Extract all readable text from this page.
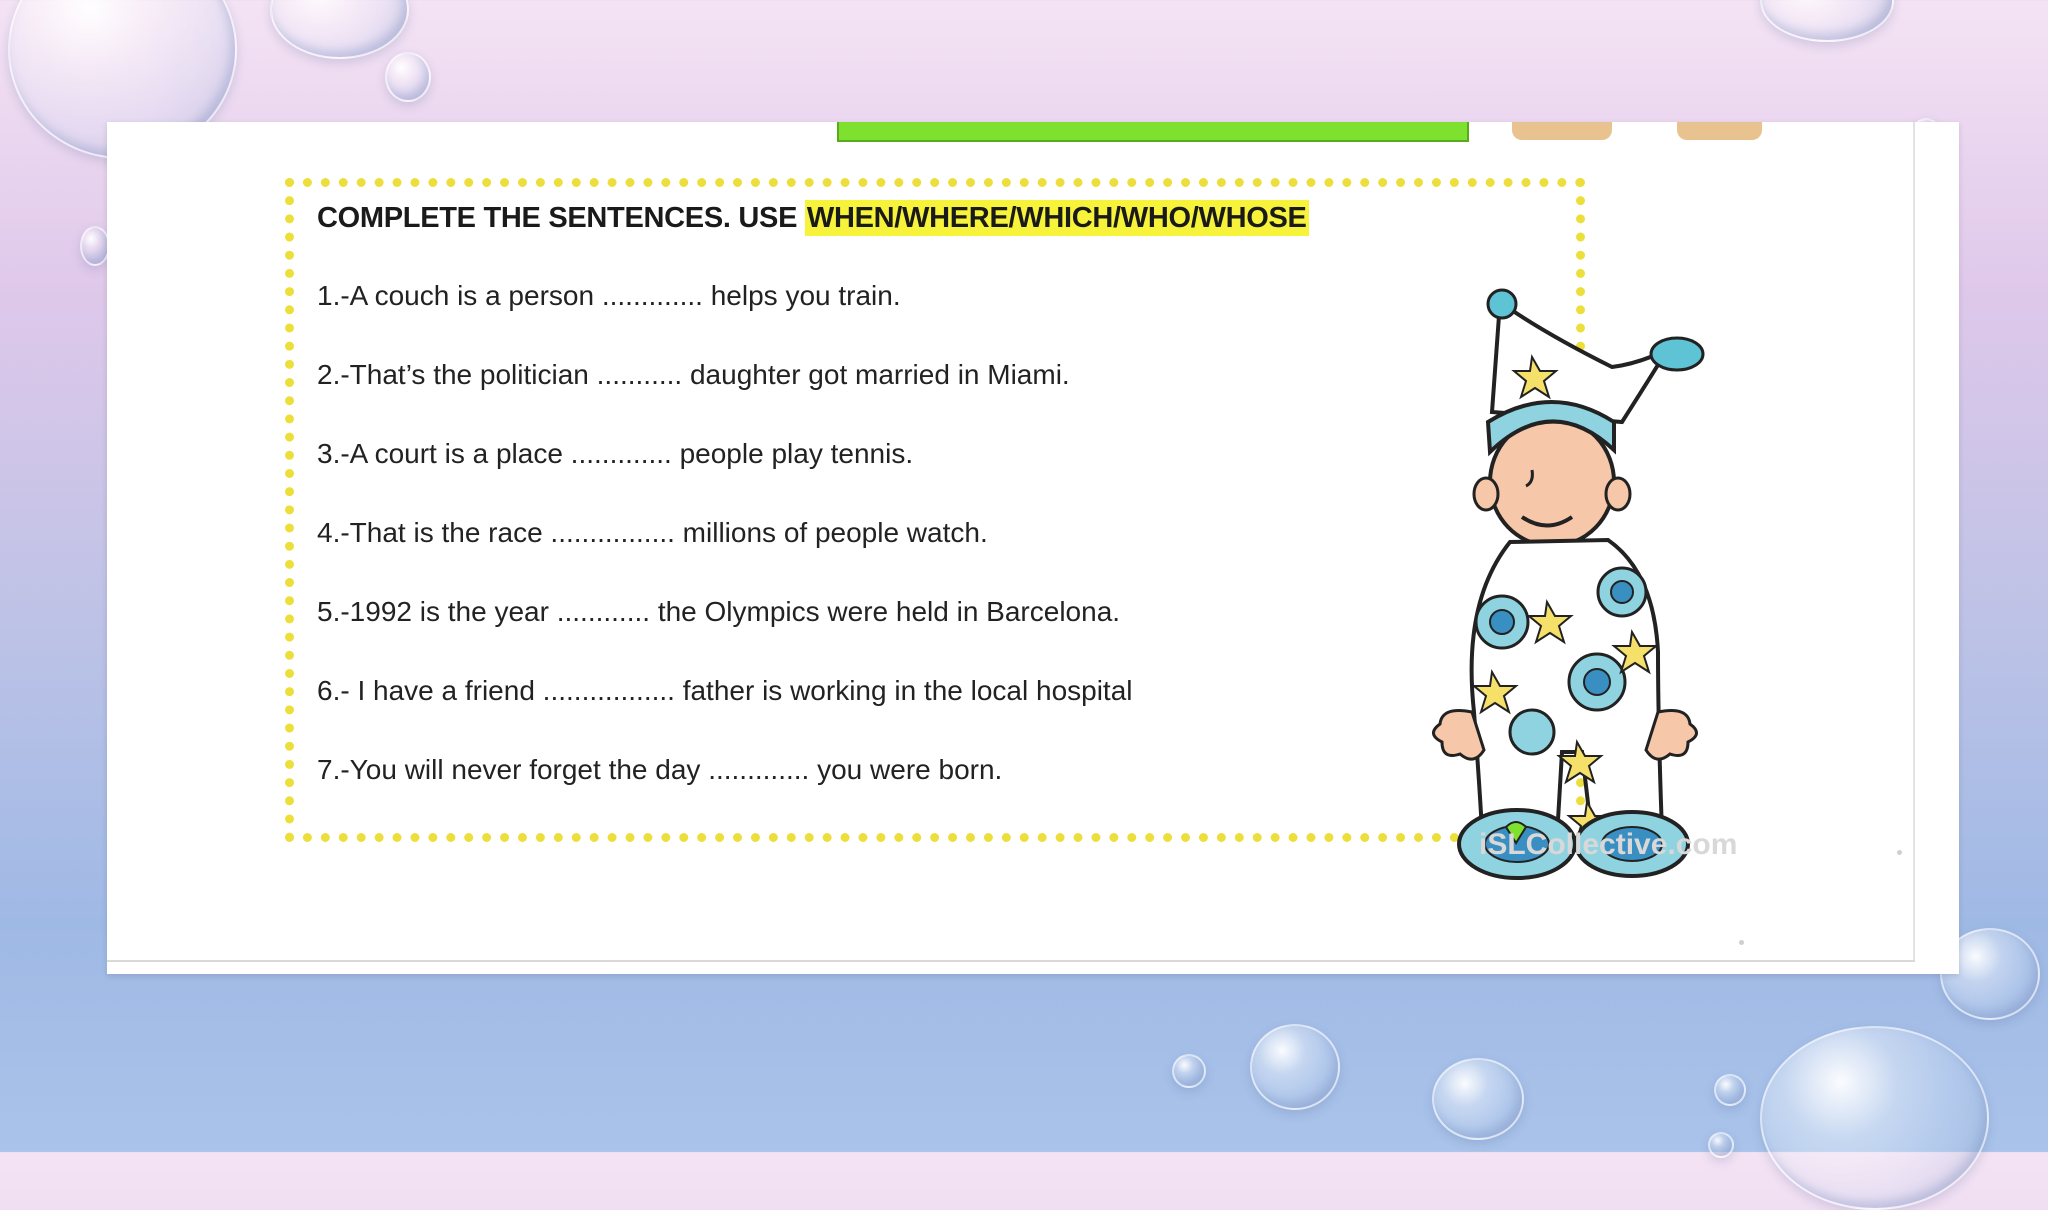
COMPLETE THE SENTENCES. USE WHEN/WHERE/WHICH/WHO/WHOSE
1.-A couch is a person ............. helps you train.
2.-That’s the politician ........... daughter got married in Miami.
3.-A court is a place ............. people play tennis.
4.-That is the race ................ millions of people watch.
5.-1992 is the year ............ the Olympics were held in Barcelona.
6.- I have a friend ................. father is working in the local hospital
7.-You will never forget the day ............. you were born.
iSLCollective.com
